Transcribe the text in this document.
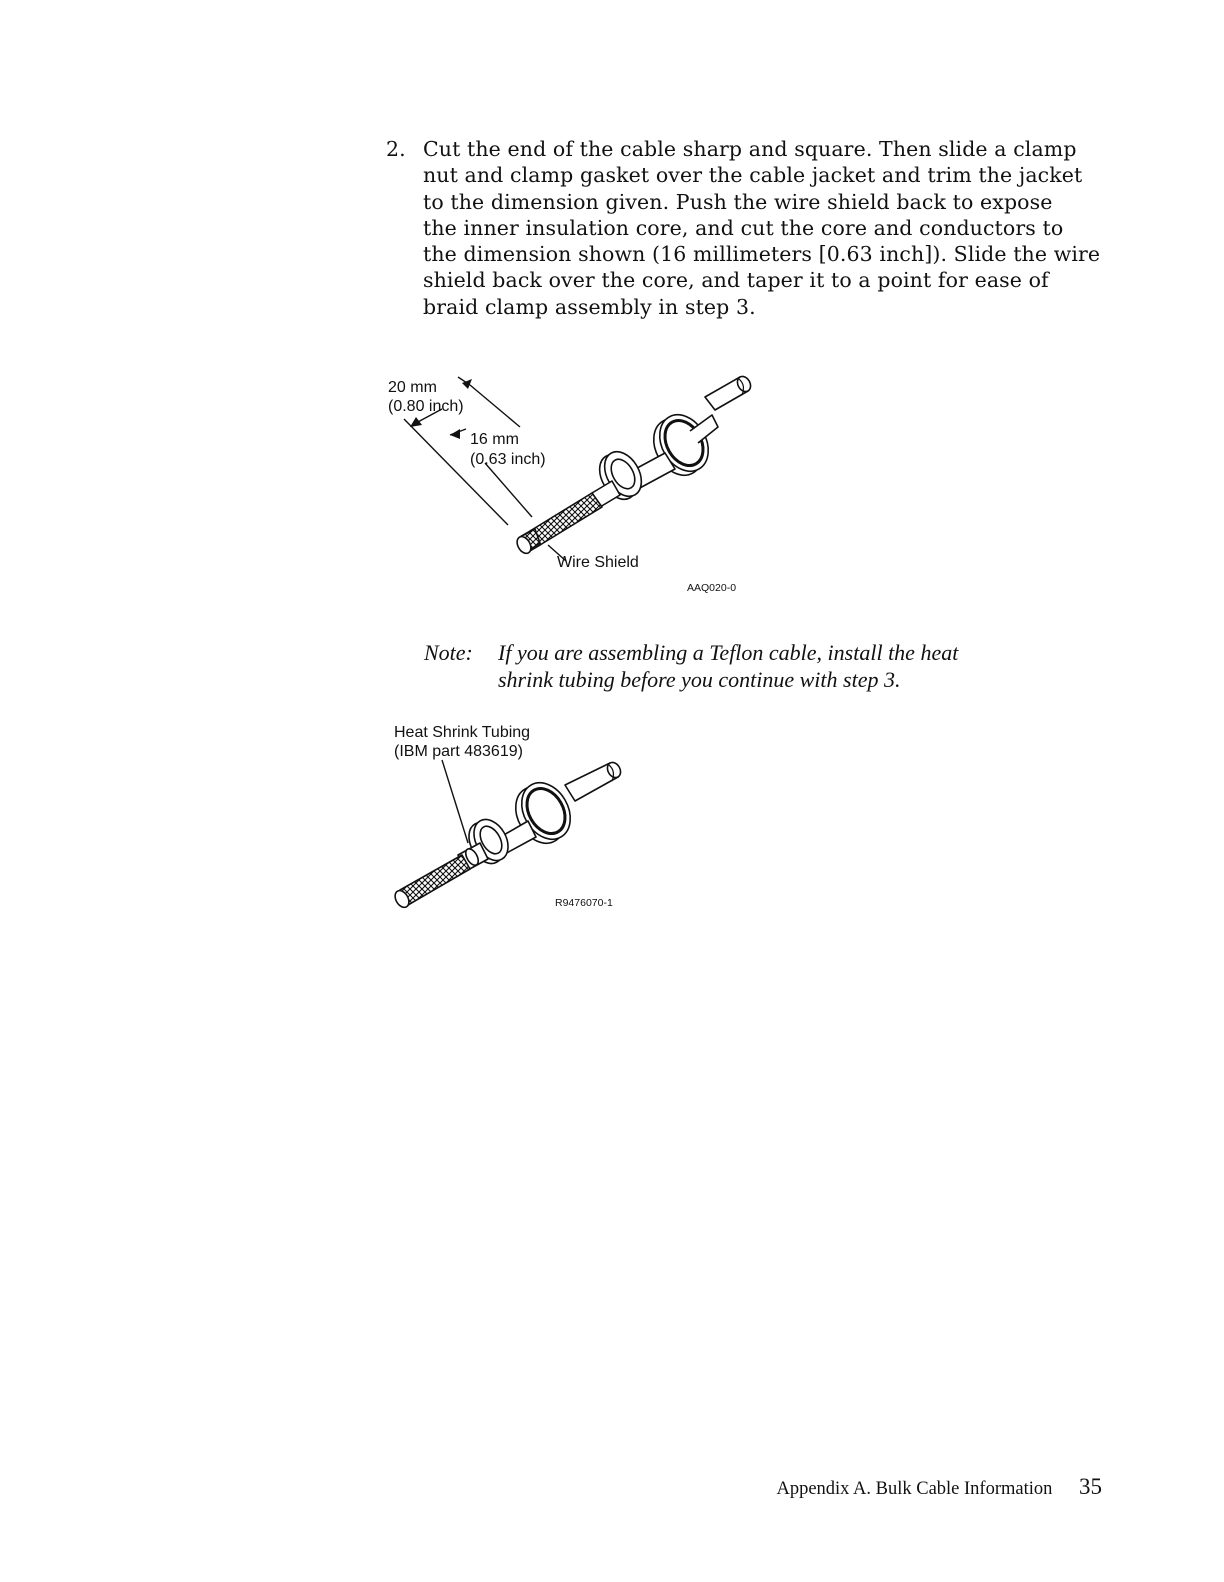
2. Cut the end of the cable sharp and square. Then slide a clamp
nut and clamp gasket over the cable jacket and trim the jacket
to the dimension given. Push the wire shield back to expose
the inner insulation core, and cut the core and conductors to
the dimension shown (16 millimeters [0.63 inch]). Slide the wire
shield back over the core, and taper it to a point for ease of
braid clamp assembly in step 3.
20 mm
(0.80 inch)
16 mm
(0.63 inch)
Wire Shield
AAQ020-0
Note: If you are assembling a Teflon cable, install the heat
shrink tubing before you continue with step 3.
Heat Shrink Tubing
(IBM part 483619)
R9476070-1
Appendix A. Bulk Cable Information 35
